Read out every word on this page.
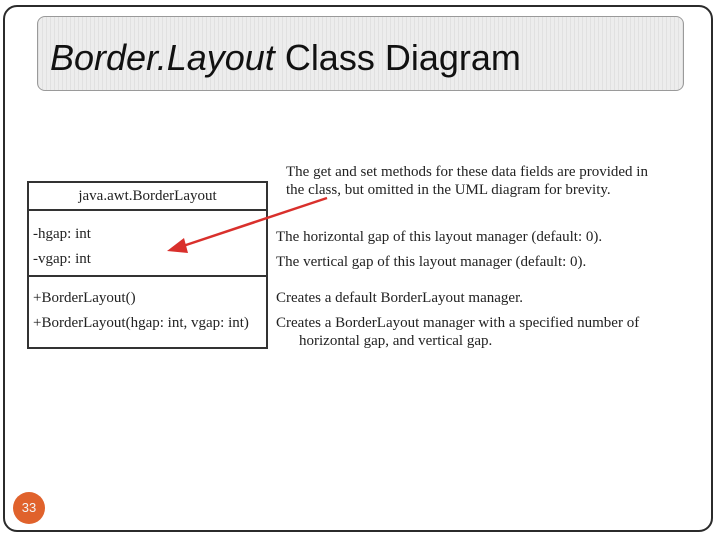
Border.Layout Class Diagram
java.awt.BorderLayout
-hgap: int
-vgap: int
+BorderLayout()
+BorderLayout(hgap: int, vgap: int)
The get and set methods for these data fields are provided in
the class, but omitted in the UML diagram for brevity.
The horizontal gap of this layout manager (default: 0).
The vertical gap of this layout manager (default: 0).
Creates a default BorderLayout manager.
Creates a BorderLayout manager with a specified number of
horizontal gap, and vertical gap.
33
